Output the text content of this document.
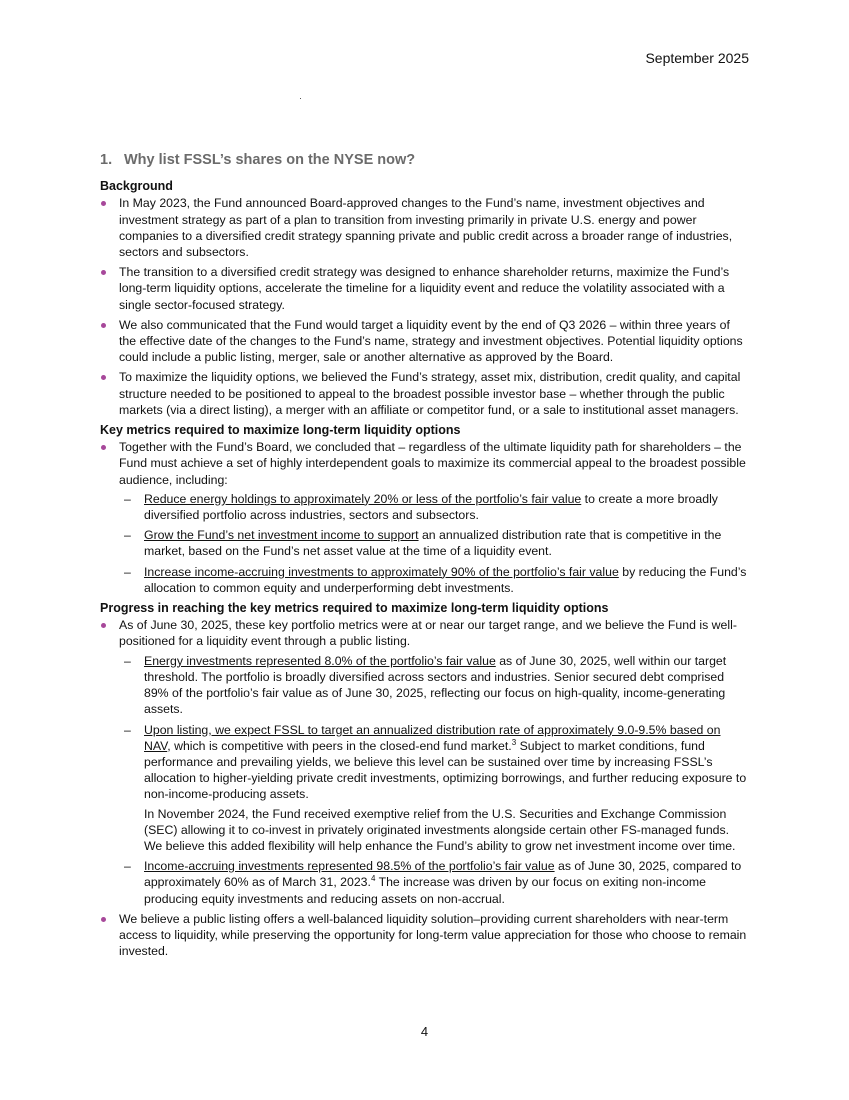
September 2025
1. Why list FSSL’s shares on the NYSE now?
Background
In May 2023, the Fund announced Board-approved changes to the Fund’s name, investment objectives and investment strategy as part of a plan to transition from investing primarily in private U.S. energy and power companies to a diversified credit strategy spanning private and public credit across a broader range of industries, sectors and subsectors.
The transition to a diversified credit strategy was designed to enhance shareholder returns, maximize the Fund’s long-term liquidity options, accelerate the timeline for a liquidity event and reduce the volatility associated with a single sector-focused strategy.
We also communicated that the Fund would target a liquidity event by the end of Q3 2026 – within three years of the effective date of the changes to the Fund’s name, strategy and investment objectives. Potential liquidity options could include a public listing, merger, sale or another alternative as approved by the Board.
To maximize the liquidity options, we believed the Fund’s strategy, asset mix, distribution, credit quality, and capital structure needed to be positioned to appeal to the broadest possible investor base – whether through the public markets (via a direct listing), a merger with an affiliate or competitor fund, or a sale to institutional asset managers.
Key metrics required to maximize long-term liquidity options
Together with the Fund’s Board, we concluded that – regardless of the ultimate liquidity path for shareholders – the Fund must achieve a set of highly interdependent goals to maximize its commercial appeal to the broadest possible audience, including:
– Reduce energy holdings to approximately 20% or less of the portfolio’s fair value to create a more broadly diversified portfolio across industries, sectors and subsectors.
– Grow the Fund’s net investment income to support an annualized distribution rate that is competitive in the market, based on the Fund’s net asset value at the time of a liquidity event.
– Increase income-accruing investments to approximately 90% of the portfolio’s fair value by reducing the Fund’s allocation to common equity and underperforming debt investments.
Progress in reaching the key metrics required to maximize long-term liquidity options
As of June 30, 2025, these key portfolio metrics were at or near our target range, and we believe the Fund is well-positioned for a liquidity event through a public listing.
– Energy investments represented 8.0% of the portfolio’s fair value as of June 30, 2025, well within our target threshold. The portfolio is broadly diversified across sectors and industries. Senior secured debt comprised 89% of the portfolio’s fair value as of June 30, 2025, reflecting our focus on high-quality, income-generating assets.
– Upon listing, we expect FSSL to target an annualized distribution rate of approximately 9.0-9.5% based on NAV, which is competitive with peers in the closed-end fund market.$^3$ Subject to market conditions, fund performance and prevailing yields, we believe this level can be sustained over time by increasing FSSL’s allocation to higher-yielding private credit investments, optimizing borrowings, and further reducing exposure to non-income-producing assets.

In November 2024, the Fund received exemptive relief from the U.S. Securities and Exchange Commission (SEC) allowing it to co-invest in privately originated investments alongside certain other FS-managed funds. We believe this added flexibility will help enhance the Fund’s ability to grow net investment income over time.

– Income-accruing investments represented 98.5% of the portfolio’s fair value as of June 30, 2025, compared to approximately 60% as of March 31, 2023.$^4$ The increase was driven by our focus on exiting non-income producing equity investments and reducing assets on non-accrual.
We believe a public listing offers a well-balanced liquidity solution–providing current shareholders with near-term access to liquidity, while preserving the opportunity for long-term value appreciation for those who choose to remain invested.
4
